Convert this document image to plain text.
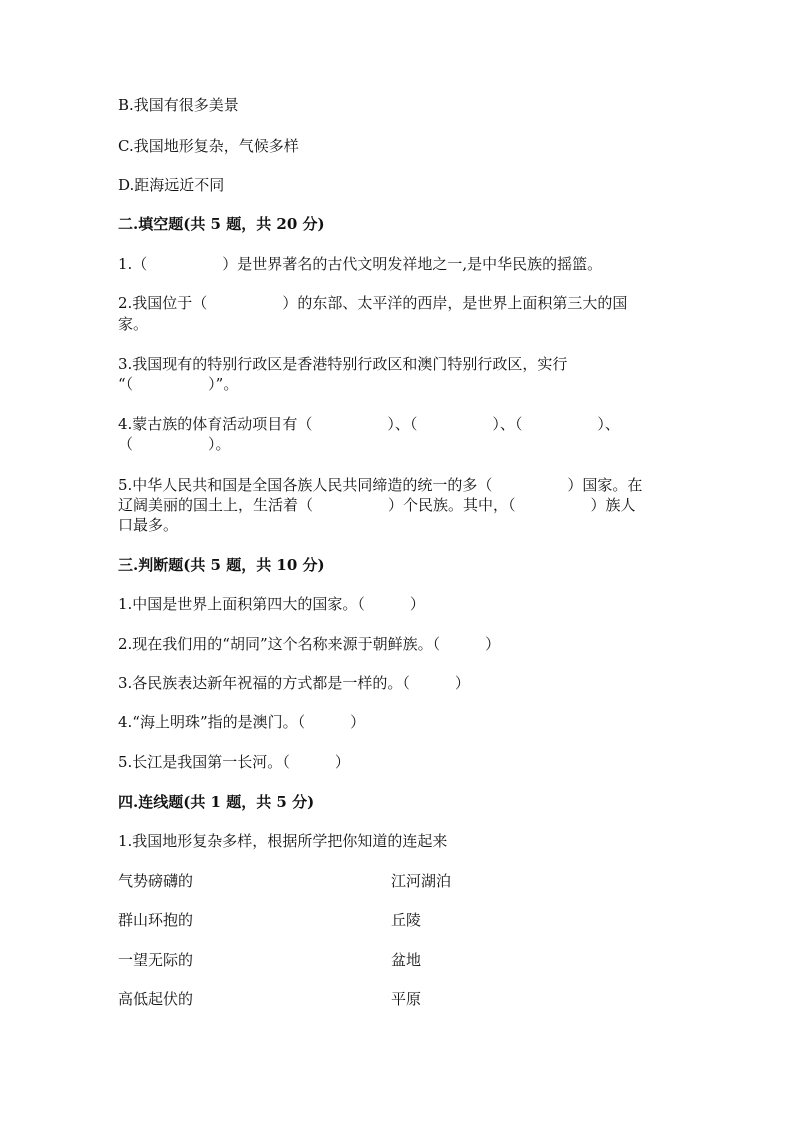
B.我国有很多美景
C.我国地形复杂，气候多样
D.距海远近不同
二.填空题(共 5 题，共 20 分)
1.（　　　　　）是世界著名的古代文明发祥地之一,是中华民族的摇篮。
2.我国位于（　　　　　）的东部、太平洋的西岸，是世界上面积第三大的国
家。
3.我国现有的特别行政区是香港特别行政区和澳门特别行政区，实行
“（　　　　　）”。
4.蒙古族的体育活动项目有（　　　　　）、（　　　　　）、（　　　　　）、
（　　　　　）。
5.中华人民共和国是全国各族人民共同缔造的统一的多（　　　　　）国家。在
辽阔美丽的国土上，生活着（　　　　　）个民族。其中，（　　　　　）族人
口最多。
三.判断题(共 5 题，共 10 分)
1.中国是世界上面积第四大的国家。（　　　）
2.现在我们用的“胡同”这个名称来源于朝鲜族。（　　　）
3.各民族表达新年祝福的方式都是一样的。（　　　）
4.“海上明珠”指的是澳门。（　　　）
5.长江是我国第一长河。（　　　）
四.连线题(共 1 题，共 5 分)
1.我国地形复杂多样，根据所学把你知道的连起来
气势磅礴的	江河湖泊
群山环抱的	丘陵
一望无际的	盆地
高低起伏的	平原
